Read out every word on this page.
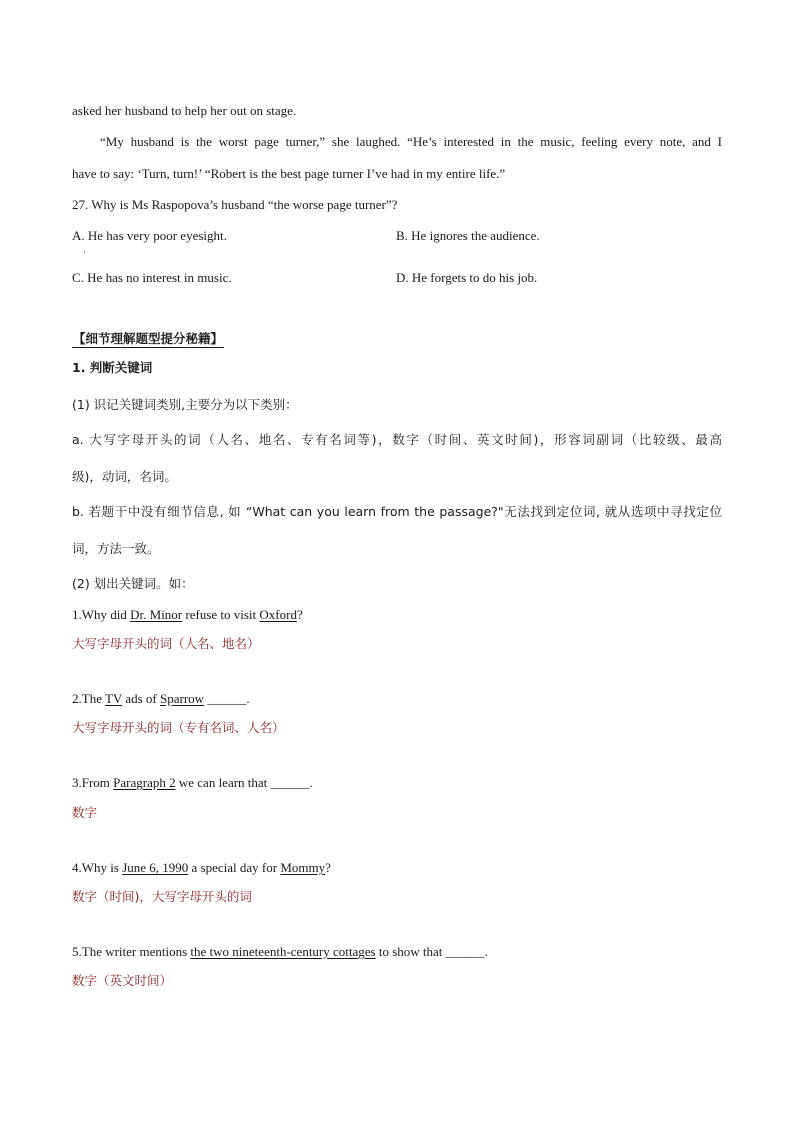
asked her husband to help her out on stage.
“My husband is the worst page turner,” she laughed. “He’s interested in the music, feeling every note, and I
have to say: ‘Turn, turn!’ “Robert is the best page turner I’ve had in my entire life.”
27. Why is Ms Raspopova’s husband “the worse page turner”?
A. He has very poor eyesight.
·
B. He ignores the audience.
C. He has no interest in music.	D. He forgets to do his job.
【细节理解题型提分秘籍】
1. 判断关键词
(1) 识记关键词类别,主要分为以下类别：
a. 大写字母开头的词（人名、地名、专有名词等)，数字（时间、英文时间)，形容词副词（比较级、最高
级)，动词，名词。
b. 若题干中没有细节信息, 如 “What can you learn from the passage?"无法找到定位词, 就从选项中寻找定位
词，方法一致。
(2) 划出关键词。如：
1.Why did Dr. Minor refuse to visit Oxford?
大写字母开头的词（人名、地名）
2.The TV ads of Sparrow ______.
大写字母开头的词（专有名词、人名）
3.From Paragraph 2 we can learn that ______.
数字
4.Why is June 6, 1990 a special day for Mommy?
数字（时间)，大写字母开头的词
5.The writer mentions the two nineteenth-century cottages to show that ______.
数字（英文时间）
